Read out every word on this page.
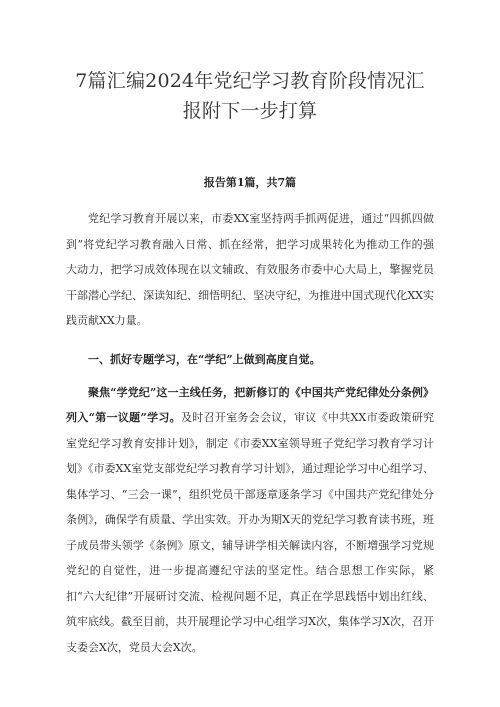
7篇汇编2024年党纪学习教育阶段情况汇报附下一步打算
报告第1篇，共7篇

党纪学习教育开展以来，市委XX室坚持两手抓两促进，通过“四抓四做到”将党纪学习教育融入日常、抓在经常，把学习成果转化为推动工作的强大动力，把学习成效体现在以文辅政、有效服务市委中心大局上，擎握党员干部潜心学纪、深读知纪、细悟明纪、坚决守纪，为推进中国式现代化XX实践贡献XX力量。

一、抓好专题学习，在“学纪”上做到高度自觉。

聚焦“学党纪”这一主线任务，把新修订的《中国共产党纪律处分条例》列入“第一议题”学习。及时召开室务会会议，审议《中共XX市委政策研究室党纪学习教育安排计划》，制定《市委XX室领导班子党纪学习教育学习计划》《市委XX室党支部党纪学习教育学习计划》，通过理论学习中心组学习、集体学习、“三会一课”，组织党员干部逐章逐条学习《中国共产党纪律处分条例》，确保学有质量、学出实效。开办为期X天的党纪学习教育读书班，班子成员带头领学《条例》原文，辅导讲学相关解读内容，不断增强学习党规党纪的自觉性，进一步提高遵纪守法的坚定性。结合思想工作实际，紧扣“六大纪律”开展研讨交流、检视问题不足，真正在学思践悟中划出红线、筑牢底线。截至目前，共开展理论学习中心组学习X次，集体学习X次，召开支委会X次，党员大会X次。
